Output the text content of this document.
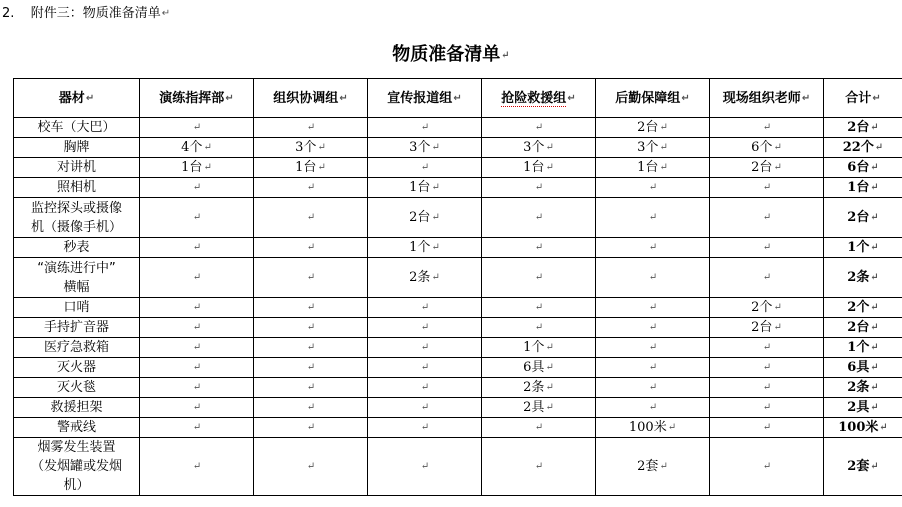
2. 附件三：物质准备清单↵
物质准备清单↵
器材↵	演练指挥部↵	组织协调组↵	宣传报道组↵	抢险救援组↵	后勤保障组↵	现场组织老师↵	合计↵

校车（大巴）	↵	↵	↵	↵	2台↵	↵	2台↵

胸牌	4个↵	3个↵	3个↵	3个↵	3个↵	6个↵	22个↵

对讲机	1台↵	1台↵	↵	1台↵	1台↵	2台↵	6台↵

照相机	↵	↵	1台↵	↵	↵	↵	1台↵

监控探头或摄像
机（摄像手机）	↵	↵	2台↵	↵	↵	↵	2台↵

秒表	↵	↵	1个↵	↵	↵	↵	1个↵

“演练进行中”
横幅	↵	↵	2条↵	↵	↵	↵	2条↵

口哨	↵	↵	↵	↵	↵	2个↵	2个↵

手持扩音器	↵	↵	↵	↵	↵	2台↵	2台↵

医疗急救箱	↵	↵	↵	1个↵	↵	↵	1个↵

灭火器	↵	↵	↵	6具↵	↵	↵	6具↵

灭火毯	↵	↵	↵	2条↵	↵	↵	2条↵

救援担架	↵	↵	↵	2具↵	↵	↵	2具↵

警戒线	↵	↵	↵	↵	100米↵	↵	100米↵

烟雾发生装置
（发烟罐或发烟
机）	↵	↵	↵	↵	2套↵	↵	2套↵
